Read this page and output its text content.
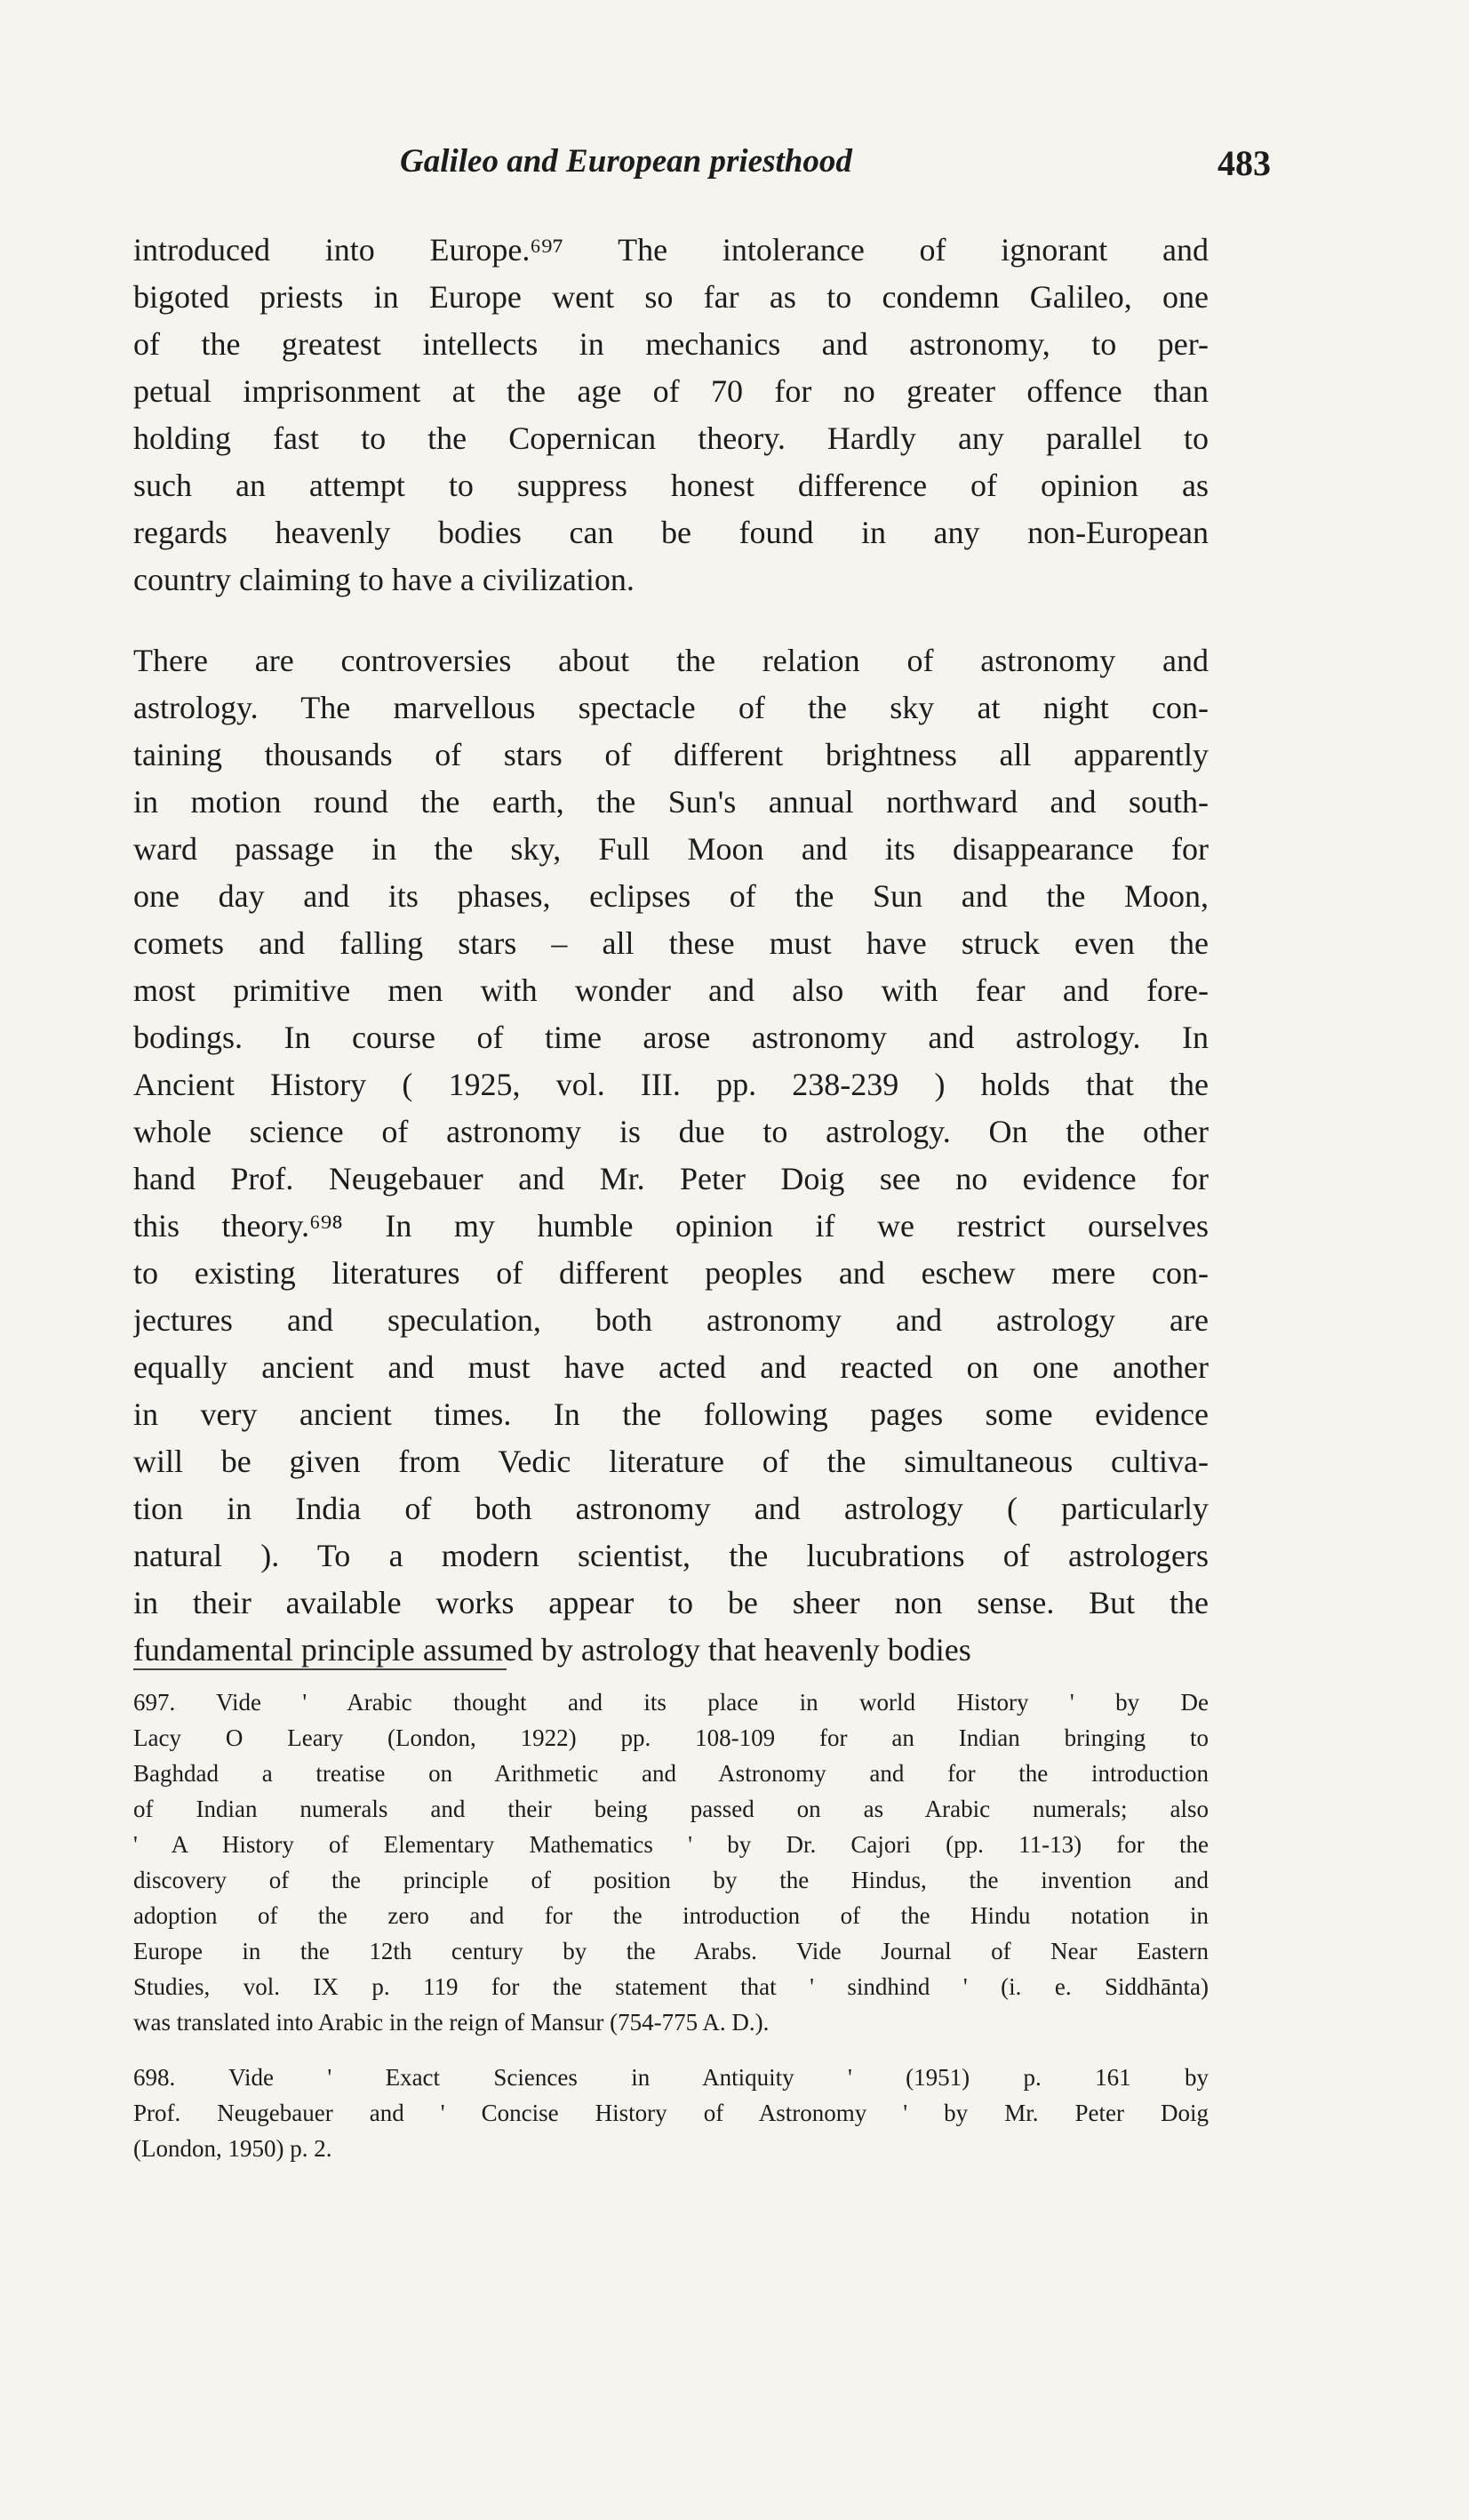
Galileo and European priesthood	483
introduced into Europe.⁶⁹⁷ The intolerance of ignorant and
bigoted priests in Europe went so far as to condemn Galileo, one
of the greatest intellects in mechanics and astronomy, to per-
petual imprisonment at the age of 70 for no greater offence than
holding fast to the Copernican theory. Hardly any parallel to
such an attempt to suppress honest difference of opinion as
regards heavenly bodies can be found in any non-European
country claiming to have a civilization.
There are controversies about the relation of astronomy and
astrology. The marvellous spectacle of the sky at night con-
taining thousands of stars of different brightness all apparently
in motion round the earth, the Sun's annual northward and south-
ward passage in the sky, Full Moon and its disappearance for
one day and its phases, eclipses of the Sun and the Moon,
comets and falling stars – all these must have struck even the
most primitive men with wonder and also with fear and fore-
bodings. In course of time arose astronomy and astrology. In
Ancient History ( 1925, vol. III. pp. 238-239 ) holds that the
whole science of astronomy is due to astrology. On the other
hand Prof. Neugebauer and Mr. Peter Doig see no evidence for
this theory.⁶⁹⁸ In my humble opinion if we restrict ourselves
to existing literatures of different peoples and eschew mere con-
jectures and speculation, both astronomy and astrology are
equally ancient and must have acted and reacted on one another
in very ancient times. In the following pages some evidence
will be given from Vedic literature of the simultaneous cultiva-
tion in India of both astronomy and astrology ( particularly
natural ). To a modern scientist, the lucubrations of astrologers
in their available works appear to be sheer non sense. But the
fundamental principle assumed by astrology that heavenly bodies
697. Vide ' Arabic thought and its place in world History ' by De
Lacy O Leary (London, 1922) pp. 108-109 for an Indian bringing to
Baghdad a treatise on Arithmetic and Astronomy and for the introduction
of Indian numerals and their being passed on as Arabic numerals; also
' A History of Elementary Mathematics ' by Dr. Cajori (pp. 11-13) for the
discovery of the principle of position by the Hindus, the invention and
adoption of the zero and for the introduction of the Hindu notation in
Europe in the 12th century by the Arabs. Vide Journal of Near Eastern
Studies, vol. IX p. 119 for the statement that ' sindhind ' (i. e. Siddhānta)
was translated into Arabic in the reign of Mansur (754-775 A. D.).
698. Vide ' Exact Sciences in Antiquity ' (1951) p. 161 by
Prof. Neugebauer and ' Concise History of Astronomy ' by Mr. Peter Doig
(London, 1950) p. 2.
